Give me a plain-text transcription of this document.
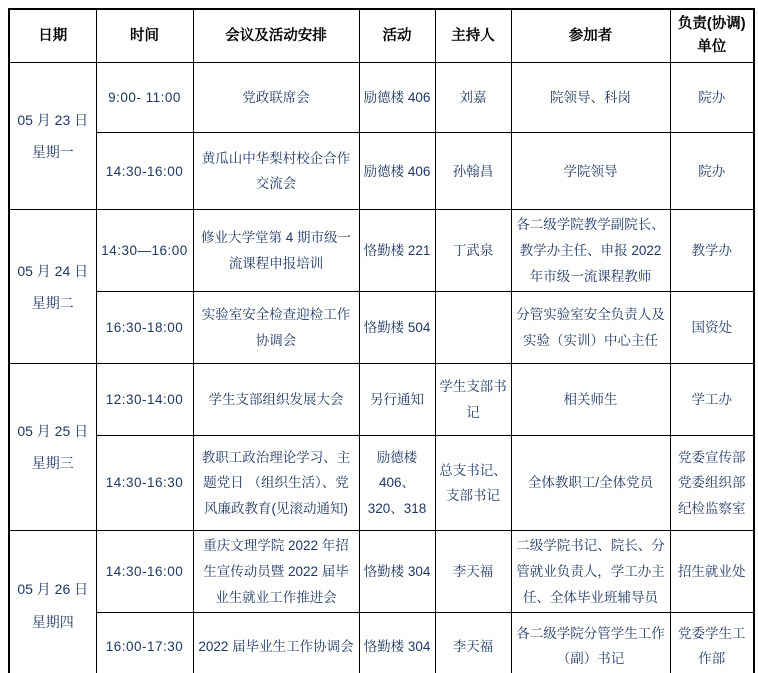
日期	时间	会议及活动安排	活动	主持人	参加者	负责(协调)单位

05 月 23 日
星期一	9:00- 11:00	党政联席会	励德楼 406	刘嘉	院领导、科岗	院办
	14:30-16:00	黄瓜山中华梨村校企合作交流会	励德楼 406	孙翰昌	学院领导	院办

05 月 24 日
星期二	14:30—16:00	修业大学堂第 4 期市级一流课程申报培训	恪勤楼 221	丁武泉	各二级学院教学副院长、教学办主任、申报 2022 年市级一流课程教师	教学办
	16:30-18:00	实验室安全检查迎检工作协调会	恪勤楼 504		分管实验室安全负责人及实验（实训）中心主任	国资处

05 月 25 日
星期三	12:30-14:00	学生支部组织发展大会	另行通知	学生支部书记	相关师生	学工办
	14:30-16:30	教职工政治理论学习、主题党日 （组织生活）、党风廉政教育(见滚动通知)	励德楼 406、320、318	总支书记、支部书记	全体教职工/全体党员	党委宣传部 党委组织部 纪检监察室

05 月 26 日
星期四	14:30-16:00	重庆文理学院 2022 年招生宣传动员暨 2022 届毕业生就业工作推进会	恪勤楼 304	李天福	二级学院书记、院长、分管就业负责人，学工办主任、全体毕业班辅导员	招生就业处
	16:00-17:30	2022 届毕业生工作协调会	恪勤楼 304	李天福	各二级学院分管学生工作（副）书记	党委学生工作部
